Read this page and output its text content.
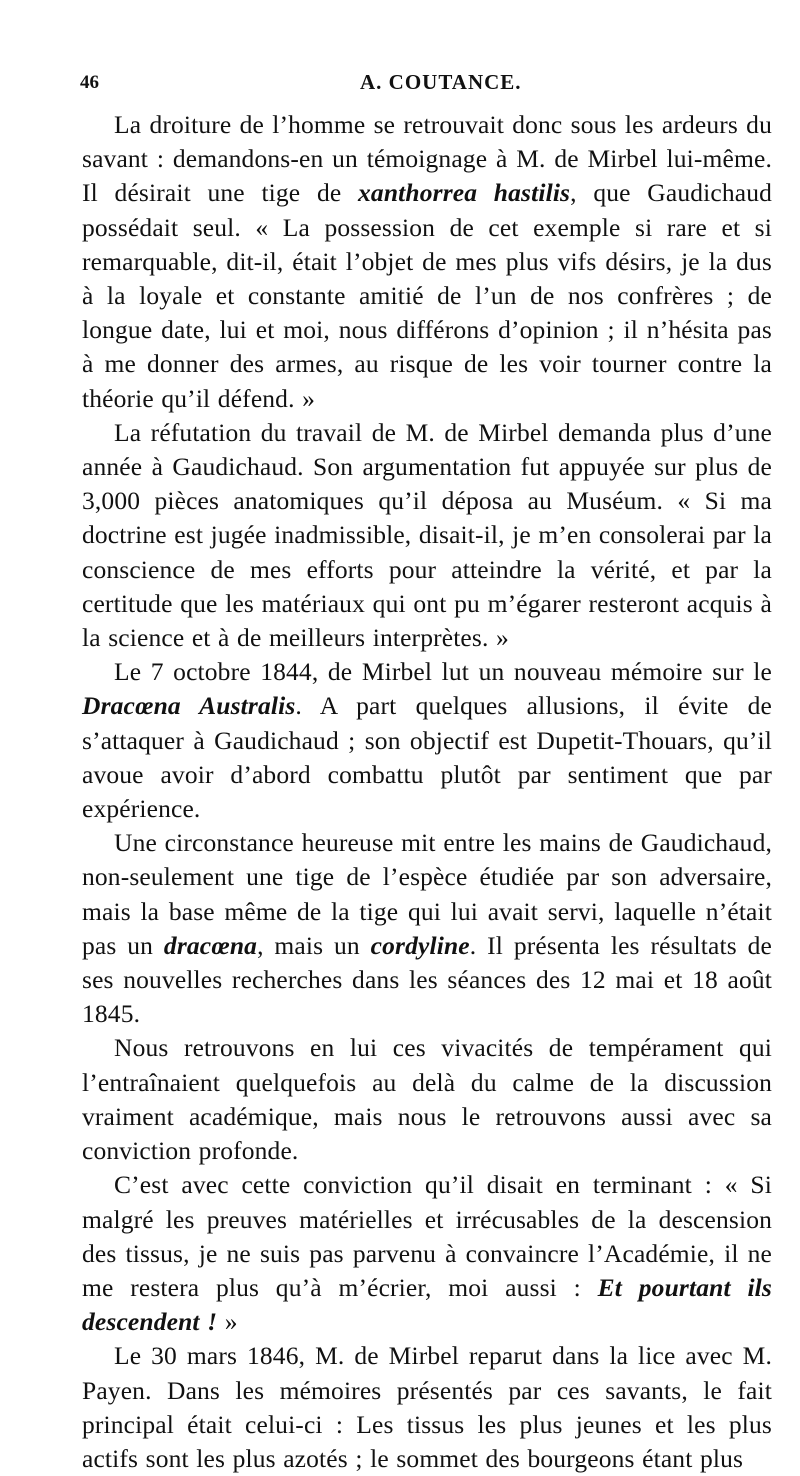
46	A. COUTANCE.

La droiture de l’homme se retrouvait donc sous les ardeurs du savant : demandons-en un témoignage à M. de Mirbel lui-même. Il désirait une tige de xanthorrea hastilis, que Gaudichaud possédait seul. « La possession de cet exemple si rare et si remarquable, dit-il, était l’objet de mes plus vifs désirs, je la dus à la loyale et constante amitié de l’un de nos confrères ; de longue date, lui et moi, nous différons d’opinion ; il n’hésita pas à me donner des armes, au risque de les voir tourner contre la théorie qu’il défend. »

La réfutation du travail de M. de Mirbel demanda plus d’une année à Gaudichaud. Son argumentation fut appuyée sur plus de 3,000 pièces anatomiques qu’il déposa au Muséum. « Si ma doctrine est jugée inadmissible, disait-il, je m’en consolerai par la conscience de mes efforts pour atteindre la vérité, et par la certitude que les matériaux qui ont pu m’égarer resteront acquis à la science et à de meilleurs interprètes. »

Le 7 octobre 1844, de Mirbel lut un nouveau mémoire sur le Dracœna Australis. A part quelques allusions, il évite de s’attaquer à Gaudichaud ; son objectif est Dupetit-Thouars, qu’il avoue avoir d’abord combattu plutôt par sentiment que par expérience.

Une circonstance heureuse mit entre les mains de Gaudichaud, non-seulement une tige de l’espèce étudiée par son adversaire, mais la base même de la tige qui lui avait servi, laquelle n’était pas un dracœna, mais un cordyline. Il présenta les résultats de ses nouvelles recherches dans les séances des 12 mai et 18 août 1845.

Nous retrouvons en lui ces vivacités de tempérament qui l’entraînaient quelquefois au delà du calme de la discussion vraiment académique, mais nous le retrouvons aussi avec sa conviction profonde.

C’est avec cette conviction qu’il disait en terminant : « Si malgré les preuves matérielles et irrécusables de la descension des tissus, je ne suis pas parvenu à convaincre l’Académie, il ne me restera plus qu’à m’écrier, moi aussi : Et pourtant ils descendent ! »

Le 30 mars 1846, M. de Mirbel reparut dans la lice avec M. Payen. Dans les mémoires présentés par ces savants, le fait principal était celui-ci : Les tissus les plus jeunes et les plus actifs sont les plus azotés ; le sommet des bourgeons étant plus
